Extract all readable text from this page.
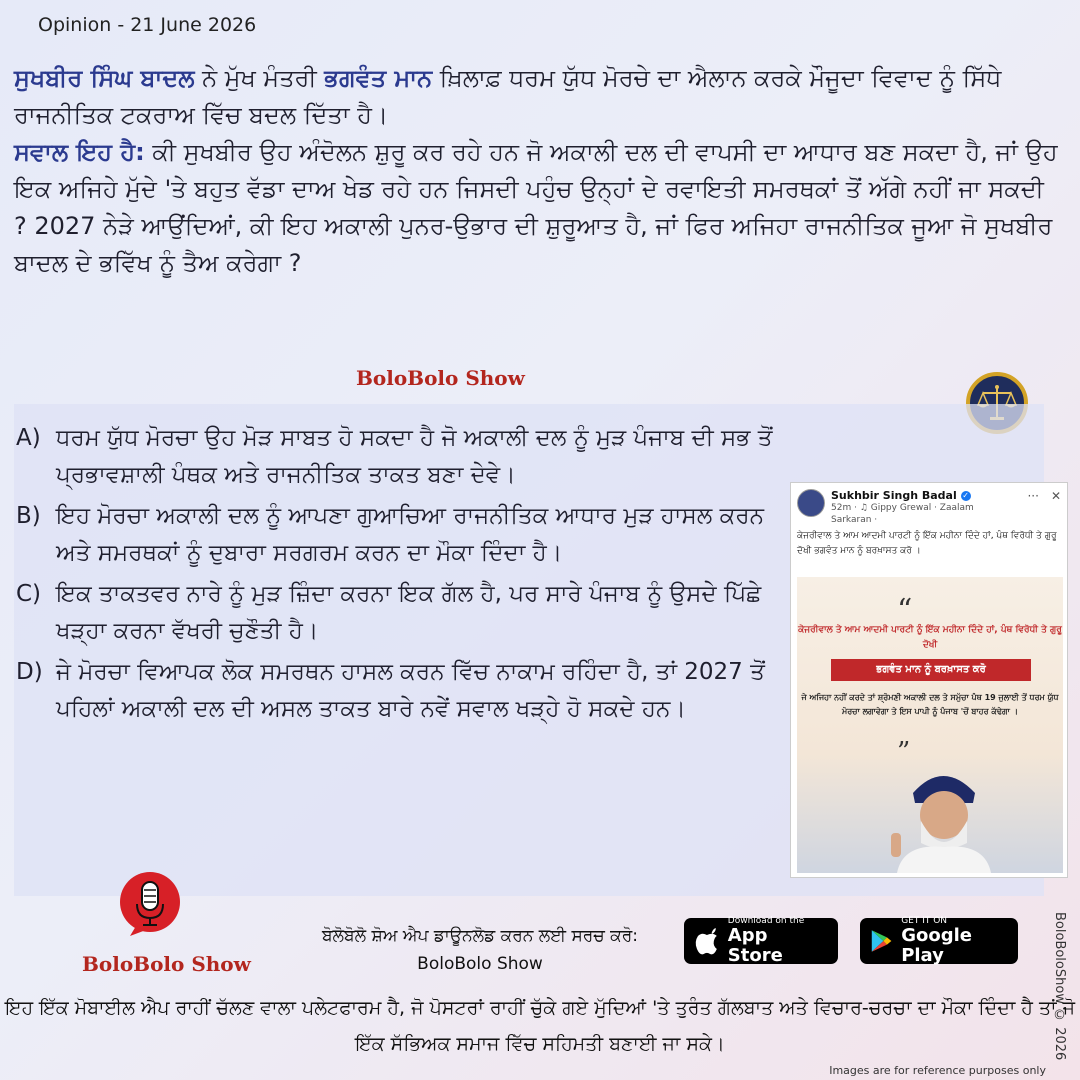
Opinion - 21 June 2026
ਸੁਖਬੀਰ ਸਿੰਘ ਬਾਦਲ ਨੇ ਮੁੱਖ ਮੰਤਰੀ ਭਗਵੰਤ ਮਾਨ ਖ਼ਿਲਾਫ਼ ਧਰਮ ਯੁੱਧ ਮੋਰਚੇ ਦਾ ਐਲਾਨ ਕਰਕੇ ਮੌਜੂਦਾ ਵਿਵਾਦ ਨੂੰ ਸਿੱਧੇ ਰਾਜਨੀਤਿਕ ਟਕਰਾਅ ਵਿੱਚ ਬਦਲ ਦਿੱਤਾ ਹੈ।
ਸਵਾਲ ਇਹ ਹੈ: ਕੀ ਸੁਖਬੀਰ ਉਹ ਅੰਦੋਲਨ ਸ਼ੁਰੂ ਕਰ ਰਹੇ ਹਨ ਜੋ ਅਕਾਲੀ ਦਲ ਦੀ ਵਾਪਸੀ ਦਾ ਆਧਾਰ ਬਣ ਸਕਦਾ ਹੈ, ਜਾਂ ਉਹ ਇਕ ਅਜਿਹੇ ਮੁੱਦੇ 'ਤੇ ਬਹੁਤ ਵੱਡਾ ਦਾਅ ਖੇਡ ਰਹੇ ਹਨ ਜਿਸਦੀ ਪਹੁੰਚ ਉਨ੍ਹਾਂ ਦੇ ਰਵਾਇਤੀ ਸਮਰਥਕਾਂ ਤੋਂ ਅੱਗੇ ਨਹੀਂ ਜਾ ਸਕਦੀ ? 2027 ਨੇੜੇ ਆਉਂਦਿਆਂ, ਕੀ ਇਹ ਅਕਾਲੀ ਪੁਨਰ-ਉਭਾਰ ਦੀ ਸ਼ੁਰੂਆਤ ਹੈ, ਜਾਂ ਫਿਰ ਅਜਿਹਾ ਰਾਜਨੀਤਿਕ ਜੂਆ ਜੋ ਸੁਖਬੀਰ ਬਾਦਲ ਦੇ ਭਵਿੱਖ ਨੂੰ ਤੈਅ ਕਰੇਗਾ ?
BoloBolo Show
A) ਧਰਮ ਯੁੱਧ ਮੋਰਚਾ ਉਹ ਮੋੜ ਸਾਬਤ ਹੋ ਸਕਦਾ ਹੈ ਜੋ ਅਕਾਲੀ ਦਲ ਨੂੰ ਮੁੜ ਪੰਜਾਬ ਦੀ ਸਭ ਤੋਂ ਪ੍ਰਭਾਵਸ਼ਾਲੀ ਪੰਥਕ ਅਤੇ ਰਾਜਨੀਤਿਕ ਤਾਕਤ ਬਣਾ ਦੇਵੇ।
B) ਇਹ ਮੋਰਚਾ ਅਕਾਲੀ ਦਲ ਨੂੰ ਆਪਣਾ ਗੁਆਚਿਆ ਰਾਜਨੀਤਿਕ ਆਧਾਰ ਮੁੜ ਹਾਸਲ ਕਰਨ ਅਤੇ ਸਮਰਥਕਾਂ ਨੂੰ ਦੁਬਾਰਾ ਸਰਗਰਮ ਕਰਨ ਦਾ ਮੌਕਾ ਦਿੰਦਾ ਹੈ।
C) ਇਕ ਤਾਕਤਵਰ ਨਾਰੇ ਨੂੰ ਮੁੜ ਜ਼ਿੰਦਾ ਕਰਨਾ ਇਕ ਗੱਲ ਹੈ, ਪਰ ਸਾਰੇ ਪੰਜਾਬ ਨੂੰ ਉਸਦੇ ਪਿੱਛੇ ਖੜ੍ਹਾ ਕਰਨਾ ਵੱਖਰੀ ਚੁਣੌਤੀ ਹੈ।
D) ਜੇ ਮੋਰਚਾ ਵਿਆਪਕ ਲੋਕ ਸਮਰਥਨ ਹਾਸਲ ਕਰਨ ਵਿੱਚ ਨਾਕਾਮ ਰਹਿੰਦਾ ਹੈ, ਤਾਂ 2027 ਤੋਂ ਪਹਿਲਾਂ ਅਕਾਲੀ ਦਲ ਦੀ ਅਸਲ ਤਾਕਤ ਬਾਰੇ ਨਵੇਂ ਸਵਾਲ ਖੜ੍ਹੇ ਹੋ ਸਕਦੇ ਹਨ।
Sukhbir Singh Badal ✓
52m · ♫ Gippy Grewal · Zaalam
Sarkaran ·
··· ✕
ਕੇਜਰੀਵਾਲ ਤੇ ਆਮ ਆਦਮੀ ਪਾਰਟੀ ਨੂੰ ਇੱਕ ਮਹੀਨਾ ਦਿੰਦੇ ਹਾਂ, ਪੰਥ ਵਿਰੋਧੀ ਤੇ ਗੁਰੂ ਦੋਖੀ ਭਗਵੰਤ ਮਾਨ ਨੂੰ ਬਰਖ਼ਾਸਤ ਕਰੋ ।
“
ਕੇਜਰੀਵਾਲ ਤੇ ਆਮ ਆਦਮੀ ਪਾਰਟੀ ਨੂੰ ਇੱਕ ਮਹੀਨਾ ਦਿੰਦੇ ਹਾਂ, ਪੰਥ ਵਿਰੋਧੀ ਤੇ ਗੁਰੂ ਦੋਖੀ
ਭਗਵੰਤ ਮਾਨ ਨੂੰ ਬਰਖ਼ਾਸਤ ਕਰੋ
ਜੇ ਅਜਿਹਾ ਨਹੀਂ ਕਰਦੇ ਤਾਂ ਸ਼੍ਰੋਮਣੀ ਅਕਾਲੀ ਦਲ ਤੇ ਸਮੁੱਚਾ ਪੰਥ 19 ਜੁਲਾਈ ਤੋਂ ਧਰਮ ਯੁੱਧ ਮੋਰਚਾ ਲਗਾਵੇਗਾ ਤੇ ਇਸ ਪਾਪੀ ਨੂੰ ਪੰਜਾਬ 'ਚੋਂ ਬਾਹਰ ਕੱਢੇਗਾ ।
”
BoloBolo Show
ਬੋਲੋਬੋਲੋ ਸ਼ੋਅ ਐਪ ਡਾਊਨਲੋਡ ਕਰਨ ਲਈ ਸਰਚ ਕਰੋ:
BoloBolo Show
Download on the
App Store
GET IT ON
Google Play
ਇਹ ਇੱਕ ਮੋਬਾਈਲ ਐਪ ਰਾਹੀਂ ਚੱਲਣ ਵਾਲਾ ਪਲੇਟਫਾਰਮ ਹੈ, ਜੋ ਪੋਸਟਰਾਂ ਰਾਹੀਂ ਚੁੱਕੇ ਗਏ ਮੁੱਦਿਆਂ 'ਤੇ ਤੁਰੰਤ ਗੱਲਬਾਤ ਅਤੇ ਵਿਚਾਰ-ਚਰਚਾ ਦਾ ਮੌਕਾ ਦਿੰਦਾ ਹੈ ਤਾਂ ਜੋ ਇੱਕ ਸੱਭਿਅਕ ਸਮਾਜ ਵਿੱਚ ਸਹਿਮਤੀ ਬਣਾਈ ਜਾ ਸਕੇ।	BoloBoloShow © 2026
Images are for reference purposes only
